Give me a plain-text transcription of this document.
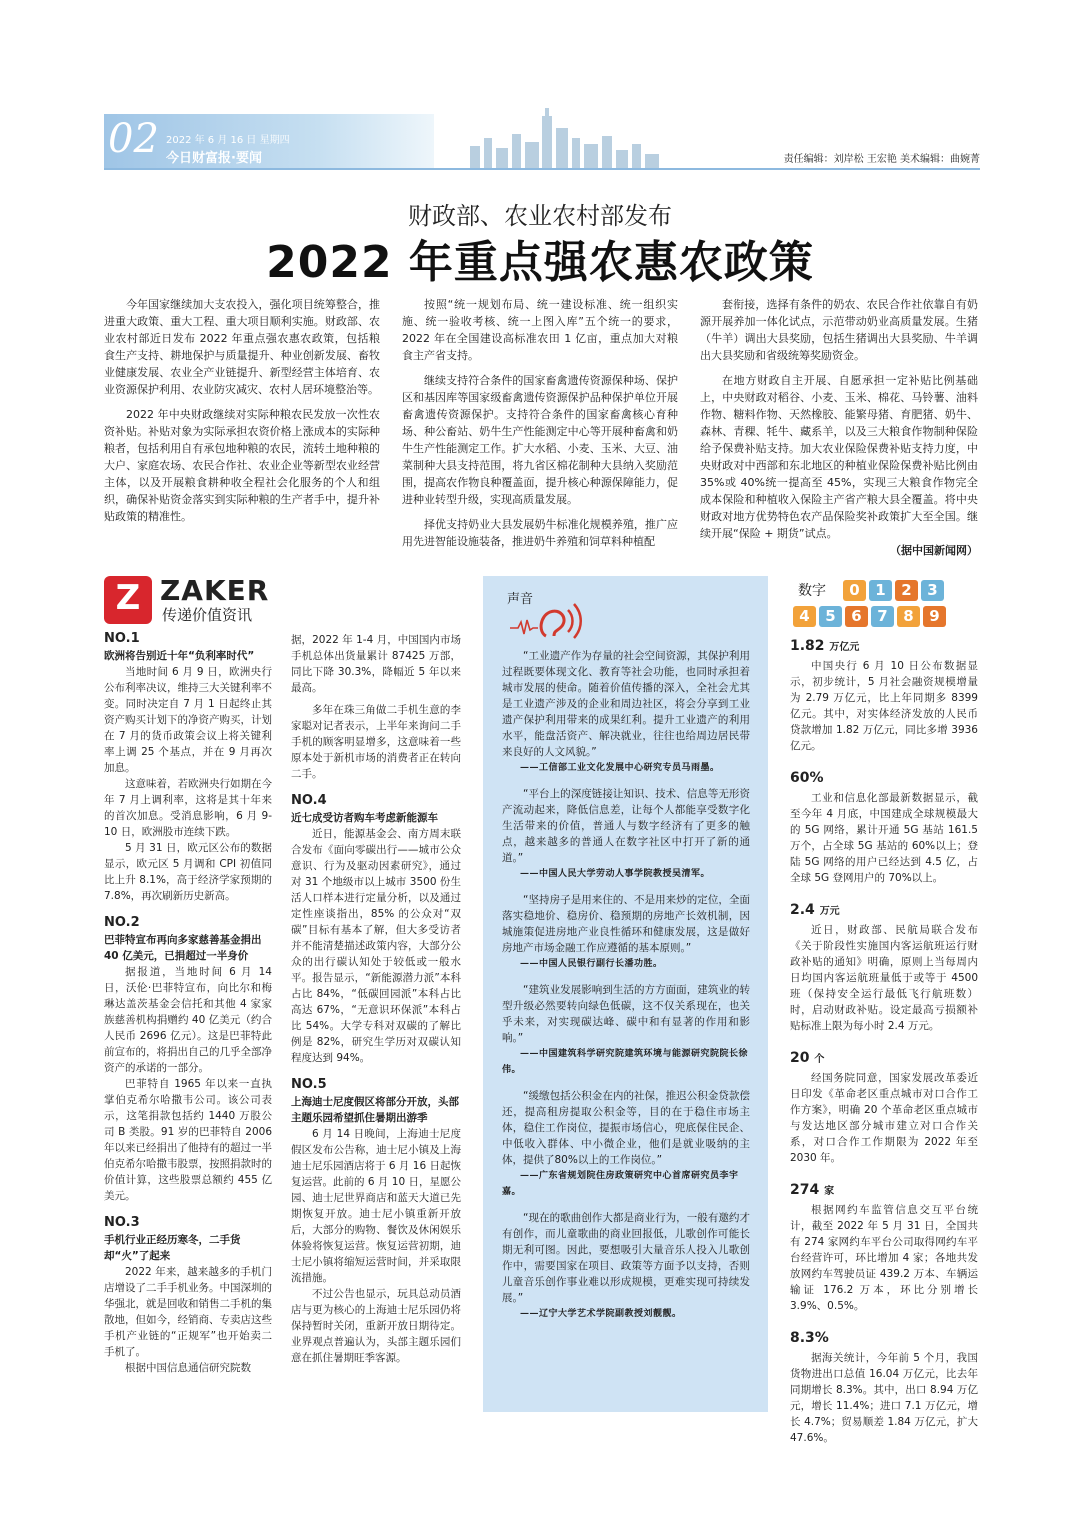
02 2022 年 6 月 16 日 星期四
今日财富报·要闻	责任编辑：刘岸松 王宏艳 美术编辑：曲婉菁
财政部、农业农村部发布
2022 年重点强农惠农政策

今年国家继续加大支农投入，强化项目统筹整合，推进重大政策、重大工程、重大项目顺利实施。财政部、农业农村部近日发布 2022 年重点强农惠农政策，包括粮食生产支持、耕地保护与质量提升、种业创新发展、畜牧业健康发展、农业全产业链提升、新型经营主体培育、农业资源保护利用、农业防灾减灾、农村人居环境整治等。

2022 年中央财政继续对实际种粮农民发放一次性农资补贴。补贴对象为实际承担农资价格上涨成本的实际种粮者，包括利用自有承包地种粮的农民，流转土地种粮的大户、家庭农场、农民合作社、农业企业等新型农业经营主体，以及开展粮食耕种收全程社会化服务的个人和组织，确保补贴资金落实到实际种粮的生产者手中，提升补贴政策的精准性。

按照“统一规划布局、统一建设标准、统一组织实施、统一验收考核、统一上图入库”五个统一的要求，2022 年在全国建设高标准农田 1 亿亩，重点加大对粮食主产省支持。

继续支持符合条件的国家畜禽遗传资源保种场、保护区和基因库等国家级畜禽遗传资源保护品种保护单位开展畜禽遗传资源保护。支持符合条件的国家畜禽核心育种场、种公畜站、奶牛生产性能测定中心等开展种畜禽和奶牛生产性能测定工作。扩大水稻、小麦、玉米、大豆、油菜制种大县支持范围，将九省区棉花制种大县纳入奖励范围，提高农作物良种覆盖面，提升核心种源保障能力，促进种业转型升级，实现高质量发展。

择优支持奶业大县发展奶牛标准化规模养殖，推广应用先进智能设施装备，推进奶牛养殖和饲草料种植配

套衔接，选择有条件的奶农、农民合作社依靠自有奶源开展养加一体化试点，示范带动奶业高质量发展。生猪（牛羊）调出大县奖励，包括生猪调出大县奖励、牛羊调出大县奖励和省级统筹奖励资金。

在地方财政自主开展、自愿承担一定补贴比例基础上，中央财政对稻谷、小麦、玉米、棉花、马铃薯、油料作物、糖料作物、天然橡胶、能繁母猪、育肥猪、奶牛、森林、青稞、牦牛、藏系羊，以及三大粮食作物制种保险给予保费补贴支持。加大农业保险保费补贴支持力度，中央财政对中西部和东北地区的种植业保险保费补贴比例由 35%或 40%统一提高至 45%，实现三大粮食作物完全成本保险和种植收入保险主产省产粮大县全覆盖。将中央财政对地方优势特色农产品保险奖补政策扩大至全国。继续开展“保险 + 期货”试点。

（据中国新闻网）
Z ZAKER
传递价值资讯
NO.1
欧洲将告别近十年“负利率时代”

当地时间 6 月 9 日，欧洲央行公布利率决议，维持三大关键利率不变。同时决定自 7 月 1 日起终止其资产购买计划下的净资产购买，计划在 7 月的货币政策会议上将关键利率上调 25 个基点，并在 9 月再次加息。

这意味着，若欧洲央行如期在今年 7 月上调利率，这将是其十年来的首次加息。受消息影响，6 月 9-10 日，欧洲股市连续下跌。

5 月 31 日，欧元区公布的数据显示，欧元区 5 月调和 CPI 初值同比上升 8.1%，高于经济学家预期的 7.8%，再次刷新历史新高。

NO.2
巴菲特宣布再向多家慈善基金捐出 40 亿美元，已捐超过一半身价

据报道，当地时间 6 月 14 日，沃伦·巴菲特宣布，向比尔和梅琳达盖茨基金会信托和其他 4 家家族慈善机构捐赠约 40 亿美元（约合人民币 2696 亿元）。这是巴菲特此前宣布的，将捐出自己的几乎全部净资产的承诺的一部分。

巴菲特自 1965 年以来一直执掌伯克希尔哈撒韦公司。该公司表示，这笔捐款包括约 1440 万股公司 B 类股。91 岁的巴菲特自 2006 年以来已经捐出了他持有的超过一半伯克希尔哈撒韦股票，按照捐款时的价值计算，这些股票总额约 455 亿美元。

NO.3
手机行业正经历寒冬，二手货却“火”了起来

2022 年来，越来越多的手机门店增设了二手手机业务。中国深圳的华强北，就是回收和销售二手机的集散地，但如今，经销商、专卖店这些手机产业链的“正规军”也开始卖二手机了。

根据中国信息通信研究院数

据，2022 年 1-4 月，中国国内市场手机总体出货量累计 87425 万部，同比下降 30.3%，降幅近 5 年以来最高。

多年在珠三角做二手机生意的李家聪对记者表示，上半年来询问二手手机的顾客明显增多，这意味着一些原本处于新机市场的消费者正在转向二手。

NO.4
近七成受访者购车考虑新能源车

近日，能源基金会、南方周末联合发布《面向零碳出行——城市公众意识、行为及驱动因素研究》，通过对 31 个地级市以上城市 3500 份生活人口样本进行定量分析，以及通过定性座谈指出，85% 的公众对“双碳”目标有基本了解，但大多受访者并不能清楚描述政策内容，大部分公众的出行碳认知处于较低或一般水平。报告显示，“新能源潜力派”本科占比 84%，“低碳回园派”本科占比高达 67%，“无意识环保派”本科占比 54%。大学专科对双碳的了解比例是 82%，研究生学历对双碳认知程度达到 94%。

NO.5
上海迪士尼度假区将部分开放，头部主题乐园希望抓住暑期出游季

6 月 14 日晚间，上海迪士尼度假区发布公告称，迪士尼小镇及上海迪士尼乐园酒店将于 6 月 16 日起恢复运营。此前的 6 月 10 日，星愿公园、迪士尼世界商店和蓝天大道已先期恢复开放。迪士尼小镇重新开放后，大部分的购物、餐饮及休闲娱乐体验将恢复运营。恢复运营初期，迪士尼小镇将缩短运营时间，并采取限流措施。

不过公告也显示，玩具总动员酒店与更为核心的上海迪士尼乐园仍将保持暂时关闭，重新开放日期待定。业界观点普遍认为，头部主题乐园们意在抓住暑期旺季客源。

声音

“工业遗产作为存量的社会空间资源，其保护利用过程既要体现文化、教育等社会功能，也同时承担着城市发展的使命。随着价值传播的深入，全社会尤其是工业遗产涉及的企业和周边社区，将会分享到工业遗产保护利用带来的成果红利。提升工业遗产的利用水平，能盘活资产、解决就业，往往也给周边居民带来良好的人文风貌。”

——工信部工业文化发展中心研究专员马雨墨。

“平台上的深度链接让知识、技术、信息等无形资产流动起来，降低信息差，让每个人都能享受数字化生活带来的价值，普通人与数字经济有了更多的触点，越来越多的普通人在数字社区中打开了新的通道。”

——中国人民大学劳动人事学院教授吴清军。

“坚持房子是用来住的、不是用来炒的定位，全面落实稳地价、稳房价、稳预期的房地产长效机制，因城施策促进房地产业良性循环和健康发展，这是做好房地产市场金融工作应遵循的基本原则。”

——中国人民银行副行长潘功胜。

“建筑业发展影响到生活的方方面面，建筑业的转型升级必然要转向绿色低碳，这不仅关系现在，也关乎未来，对实现碳达峰、碳中和有显著的作用和影响。”

——中国建筑科学研究院建筑环境与能源研究院院长徐伟。

“缓缴包括公积金在内的社保，推迟公积金贷款偿还，提高租房提取公积金等，目的在于稳住市场主体，稳住工作岗位，提振市场信心，兜底保住民企、中低收入群体、中小微企业，他们是就业吸纳的主体，提供了80%以上的工作岗位。”

——广东省规划院住房政策研究中心首席研究员李宇嘉。

“现在的歌曲创作大都是商业行为，一般有邀约才有创作，而儿童歌曲的商业回报低，儿歌创作可能长期无利可图。因此，要想吸引大量音乐人投入儿歌创作中，需要国家在项目、政策等方面予以支持，否则儿童音乐创作事业难以形成规模，更难实现可持续发展。”

——辽宁大学艺术学院副教授刘靓靓。

数字	0	1	2	3
4	5	6	7	8	9
1.82 万亿元

中国央行 6 月 10 日公布数据显示，初步统计，5 月社会融资规模增量为 2.79 万亿元，比上年同期多 8399 亿元。其中，对实体经济发放的人民币贷款增加 1.82 万亿元，同比多增 3936 亿元。

60%

工业和信息化部最新数据显示，截至今年 4 月底，中国建成全球规模最大的 5G 网络，累计开通 5G 基站 161.5 万个，占全球 5G 基站的 60%以上；登陆 5G 网络的用户已经达到 4.5 亿，占全球 5G 登网用户的 70%以上。

2.4 万元

近日，财政部、民航局联合发布《关于阶段性实施国内客运航班运行财政补贴的通知》明确，原则上当每周内日均国内客运航班量低于或等于 4500 班（保持安全运行最低飞行航班数）时，启动财政补贴。设定最高亏损额补贴标准上限为每小时 2.4 万元。

20 个

经国务院同意，国家发展改革委近日印发《革命老区重点城市对口合作工作方案》，明确 20 个革命老区重点城市与发达地区部分城市建立对口合作关系，对口合作工作期限为 2022 年至 2030 年。

274 家

根据网约车监管信息交互平台统计，截至 2022 年 5 月 31 日，全国共有 274 家网约车平台公司取得网约车平台经营许可，环比增加 4 家；各地共发放网约车驾驶员证 439.2 万本、车辆运输证 176.2 万本，环比分别增长 3.9%、0.5%。

8.3%

据海关统计，今年前 5 个月，我国货物进出口总值 16.04 万亿元，比去年同期增长 8.3%。其中，出口 8.94 万亿元，增长 11.4%；进口 7.1 万亿元，增长 4.7%；贸易顺差 1.84 万亿元，扩大 47.6%。
